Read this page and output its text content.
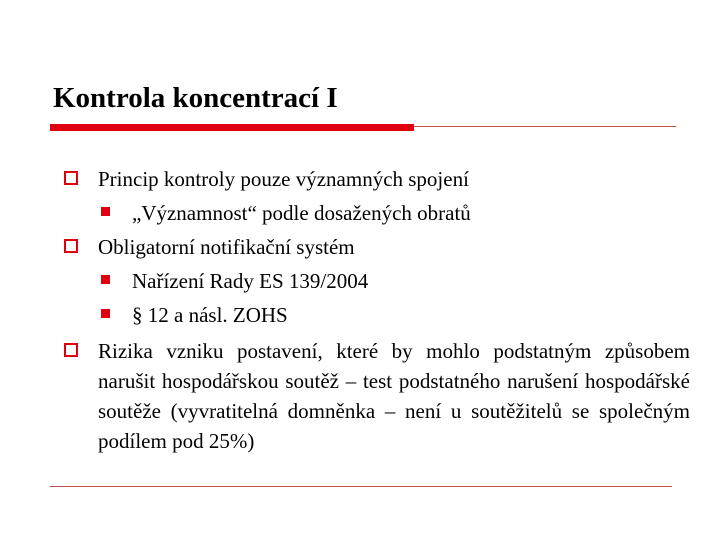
Kontrola koncentrací I
Princip kontroly pouze významných spojení
„Významnost“ podle dosažených obratů
Obligatorní notifikační systém
Nařízení Rady ES 139/2004
§ 12 a násl. ZOHS
Rizika vzniku postavení, které by mohlo podstatným způsobem narušit hospodářskou soutěž – test podstatného narušení hospodářské soutěže (vyvratitelná domněnka – není u soutěžitelů se společným podílem pod 25%)
